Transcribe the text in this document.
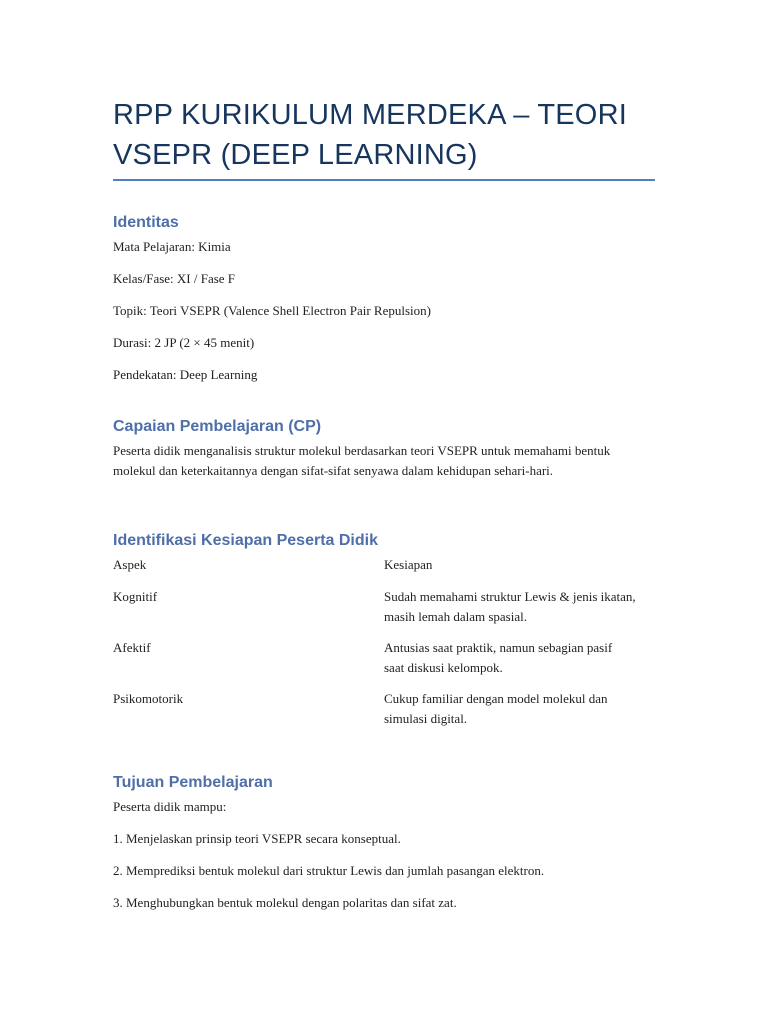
RPP KURIKULUM MERDEKA – TEORI VSEPR (DEEP LEARNING)
Identitas

Mata Pelajaran: Kimia

Kelas/Fase: XI / Fase F

Topik: Teori VSEPR (Valence Shell Electron Pair Repulsion)

Durasi: 2 JP (2 × 45 menit)

Pendekatan: Deep Learning

Capaian Pembelajaran (CP)

Peserta didik menganalisis struktur molekul berdasarkan teori VSEPR untuk memahami bentuk molekul dan keterkaitannya dengan sifat-sifat senyawa dalam kehidupan sehari-hari.

Identifikasi Kesiapan Peserta Didik

Aspek	Kesiapan

Kognitif	Sudah memahami struktur Lewis & jenis ikatan, masih lemah dalam spasial.

Afektif	Antusias saat praktik, namun sebagian pasif saat diskusi kelompok.

Psikomotorik	Cukup familiar dengan model molekul dan simulasi digital.

Tujuan Pembelajaran

Peserta didik mampu:

1. Menjelaskan prinsip teori VSEPR secara konseptual.

2. Memprediksi bentuk molekul dari struktur Lewis dan jumlah pasangan elektron.

3. Menghubungkan bentuk molekul dengan polaritas dan sifat zat.
